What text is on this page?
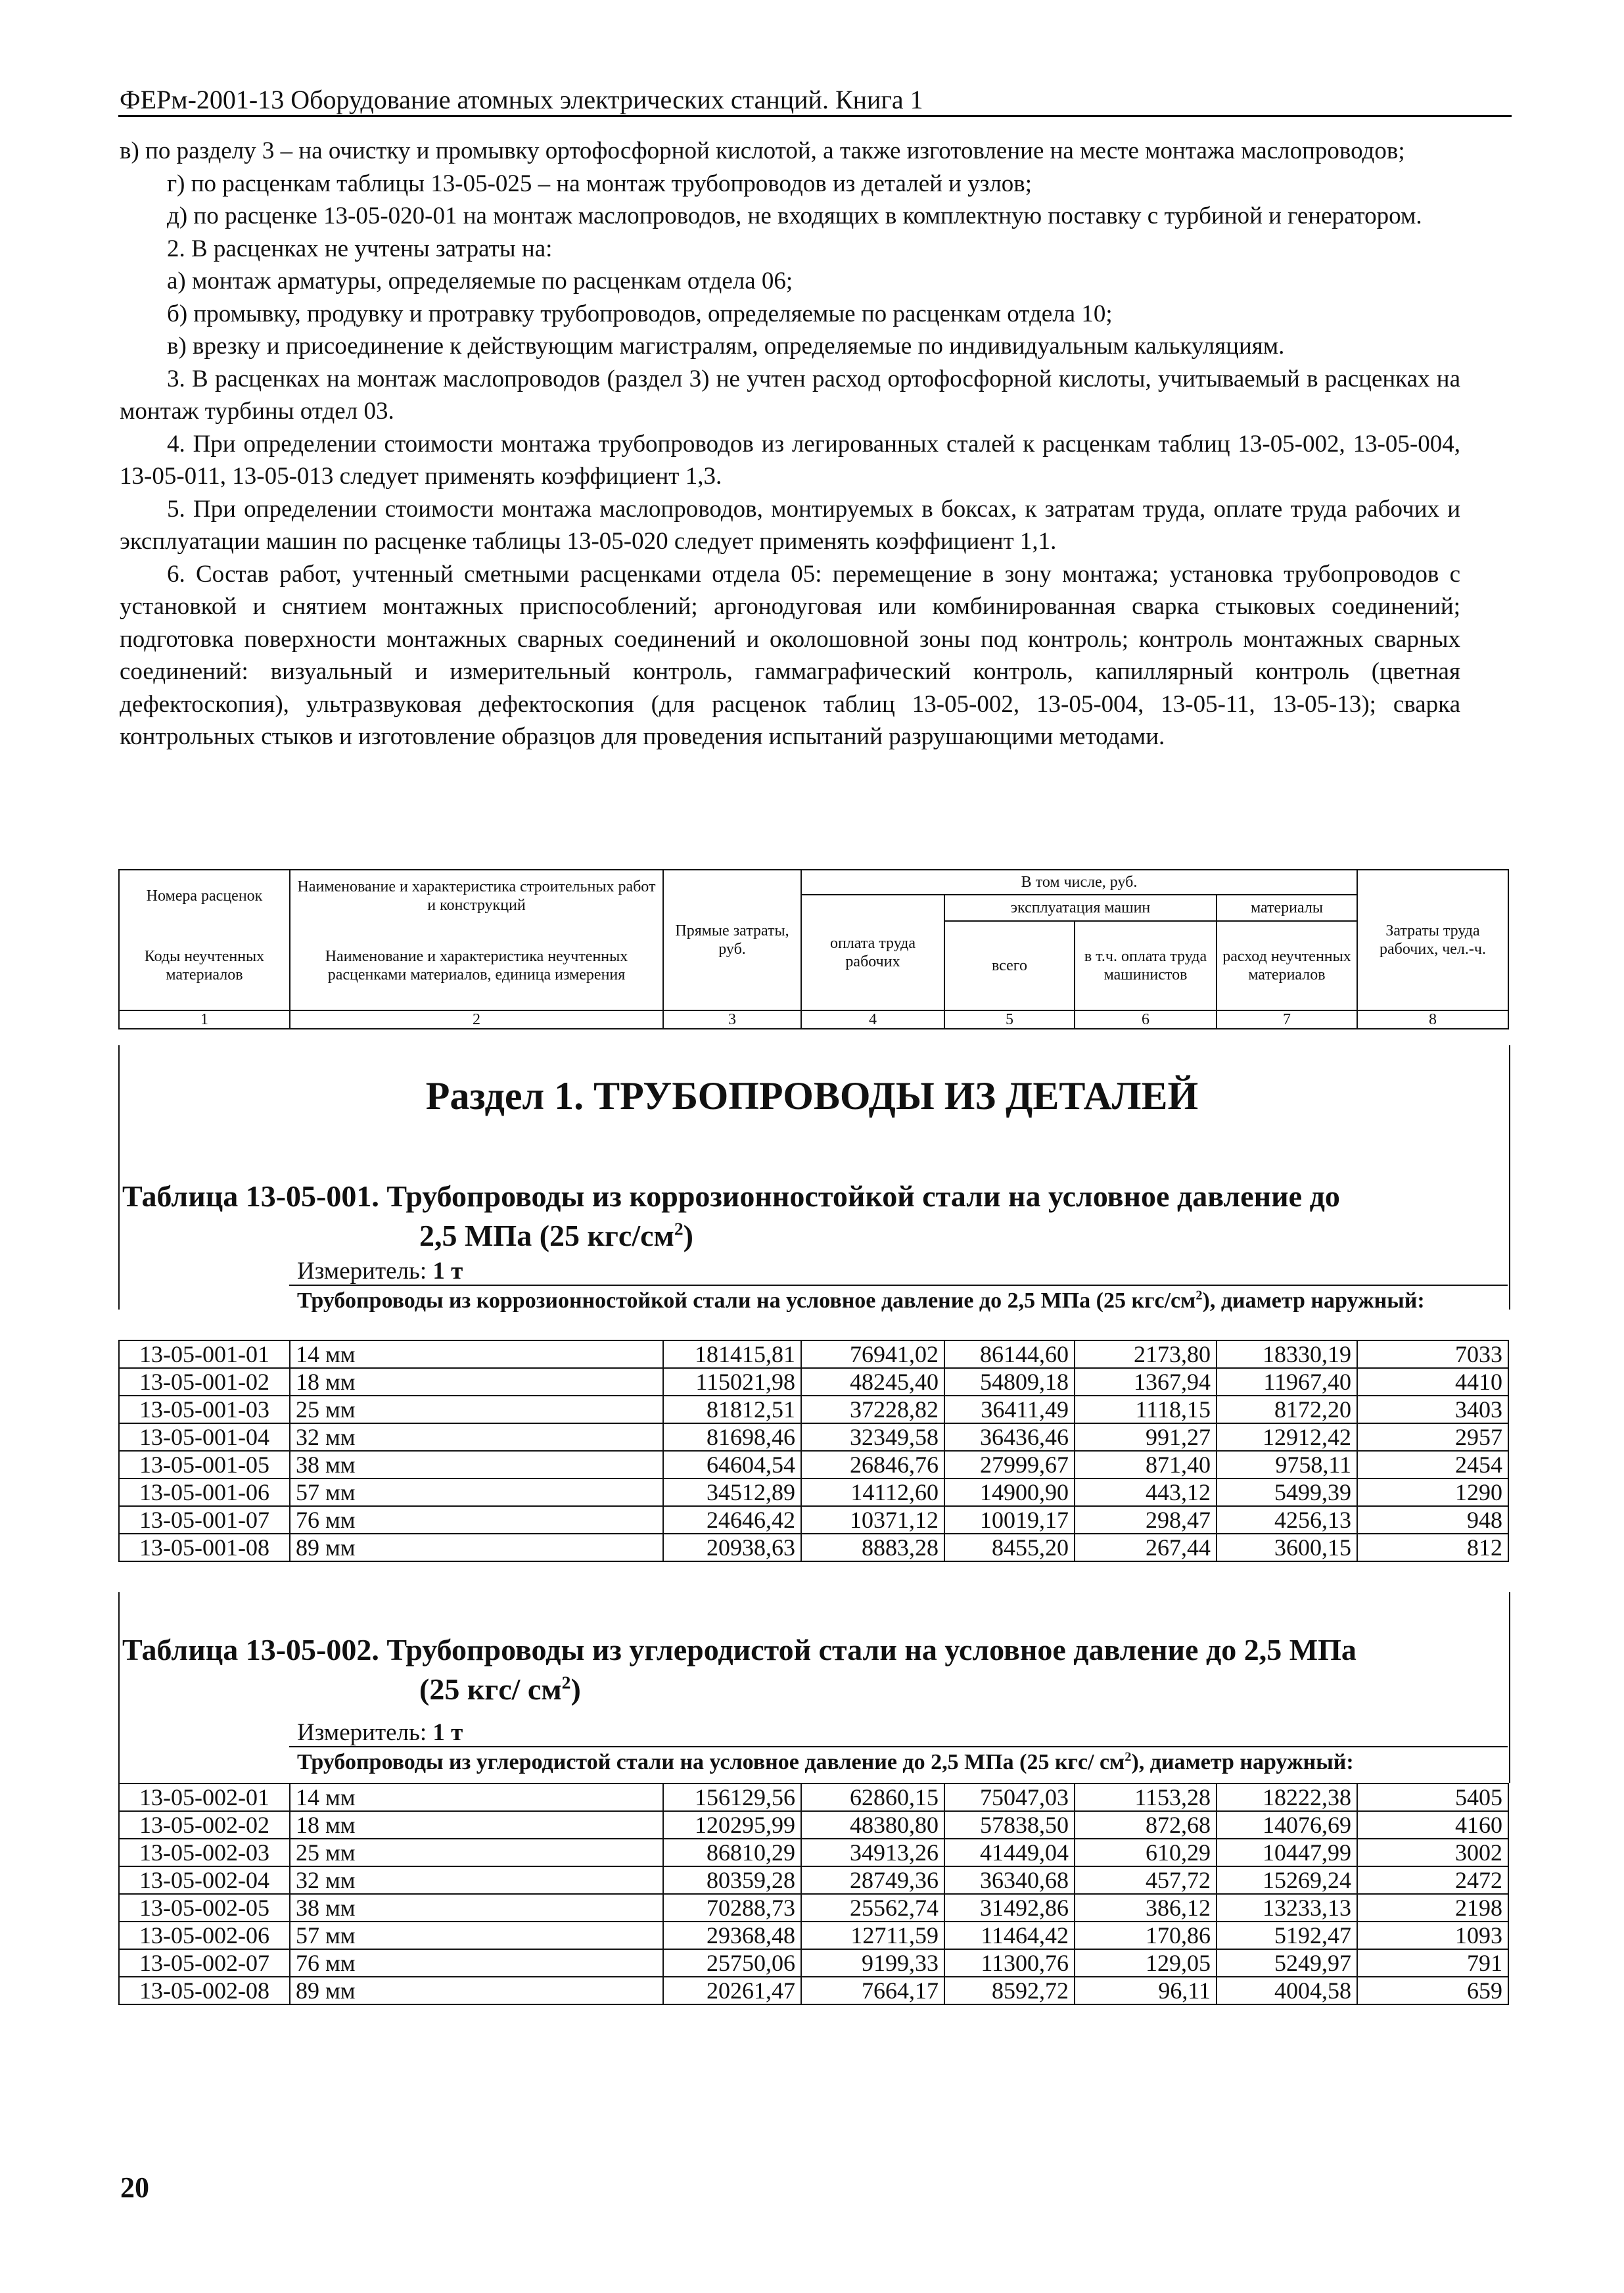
ФЕРм-2001-13 Оборудование атомных электрических станций. Книга 1

в) по разделу 3 – на очистку и промывку ортофосфорной кислотой, а также изготовление на месте монтажа маслопроводов;

г) по расценкам таблицы 13-05-025 – на монтаж трубопроводов из деталей и узлов;

д) по расценке 13-05-020-01 на монтаж маслопроводов, не входящих в комплектную поставку с турбиной и генератором.

2. В расценках не учтены затраты на:

а) монтаж арматуры, определяемые по расценкам отдела 06;

б) промывку, продувку и протравку трубопроводов, определяемые по расценкам отдела 10;

в) врезку и присоединение к действующим магистралям, определяемые по индивидуальным калькуляциям.

3. В расценках на монтаж маслопроводов (раздел 3) не учтен расход ортофосфорной кислоты, учитываемый в расценках на монтаж турбины отдел 03.

4. При определении стоимости монтажа трубопроводов из легированных сталей к расценкам таблиц 13-05-002, 13-05-004, 13-05-011, 13-05-013 следует применять коэффициент 1,3.

5. При определении стоимости монтажа маслопроводов, монтируемых в боксах, к затратам труда, оплате труда рабочих и эксплуатации машин по расценке таблицы 13-05-020 следует применять коэффициент 1,1.

6. Состав работ, учтенный сметными расценками отдела 05: перемещение в зону монтажа; установка трубопроводов с установкой и снятием монтажных приспособлений; аргонодуговая или комбинированная сварка стыковых соединений; подготовка поверхности монтажных сварных соединений и околошовной зоны под контроль; контроль монтажных сварных соединений: визуальный и измерительный контроль, гаммаграфический контроль, капиллярный контроль (цветная дефектоскопия), ультразвуковая дефектоскопия (для расценок таблиц 13-05-002, 13-05-004, 13-05-11, 13-05-13); сварка контрольных стыков и изготовление образцов для проведения испытаний разрушающими методами.

Номера расценок	Наименование и характеристика строительных работ и конструкций	Прямые затраты, руб.	В том числе, руб.				Затраты труда рабочих, чел.-ч.
			оплата труда рабочих	эксплуатация машин		материалы	
Коды неучтенных материалов	Наименование и характеристика неучтенных расценками материалов, единица измерения			всего	в т.ч. оплата труда машинистов	расход неучтенных материалов	

1	2	3	4	5	6	7	8
Раздел 1. ТРУБОПРОВОДЫ ИЗ ДЕТАЛЕЙ
Таблица 13-05-001. Трубопроводы из коррозионностойкой стали на условное давление до
2,5 МПа (25 кгс/$см^2$)
Измеритель: 1 т
Трубопроводы из коррозионностойкой стали на условное давление до 2,5 МПа (25 кгс/$см^2$), диаметр наружный:
13-05-001-01	14 мм	181415,81	76941,02	86144,60	2173,80	18330,19	7033
13-05-001-02	18 мм	115021,98	48245,40	54809,18	1367,94	11967,40	4410
13-05-001-03	25 мм	81812,51	37228,82	36411,49	1118,15	8172,20	3403
13-05-001-04	32 мм	81698,46	32349,58	36436,46	991,27	12912,42	2957
13-05-001-05	38 мм	64604,54	26846,76	27999,67	871,40	9758,11	2454
13-05-001-06	57 мм	34512,89	14112,60	14900,90	443,12	5499,39	1290
13-05-001-07	76 мм	24646,42	10371,12	10019,17	298,47	4256,13	948
13-05-001-08	89 мм	20938,63	8883,28	8455,20	267,44	3600,15	812
Таблица 13-05-002. Трубопроводы из углеродистой стали на условное давление до 2,5 МПа
(25 кгс/ $см^2$)
Измеритель: 1 т
Трубопроводы из углеродистой стали на условное давление до 2,5 МПа (25 кгс/ $см^2$), диаметр наружный:
13-05-002-01	14 мм	156129,56	62860,15	75047,03	1153,28	18222,38	5405
13-05-002-02	18 мм	120295,99	48380,80	57838,50	872,68	14076,69	4160
13-05-002-03	25 мм	86810,29	34913,26	41449,04	610,29	10447,99	3002
13-05-002-04	32 мм	80359,28	28749,36	36340,68	457,72	15269,24	2472
13-05-002-05	38 мм	70288,73	25562,74	31492,86	386,12	13233,13	2198
13-05-002-06	57 мм	29368,48	12711,59	11464,42	170,86	5192,47	1093
13-05-002-07	76 мм	25750,06	9199,33	11300,76	129,05	5249,97	791
13-05-002-08	89 мм	20261,47	7664,17	8592,72	96,11	4004,58	659
20
